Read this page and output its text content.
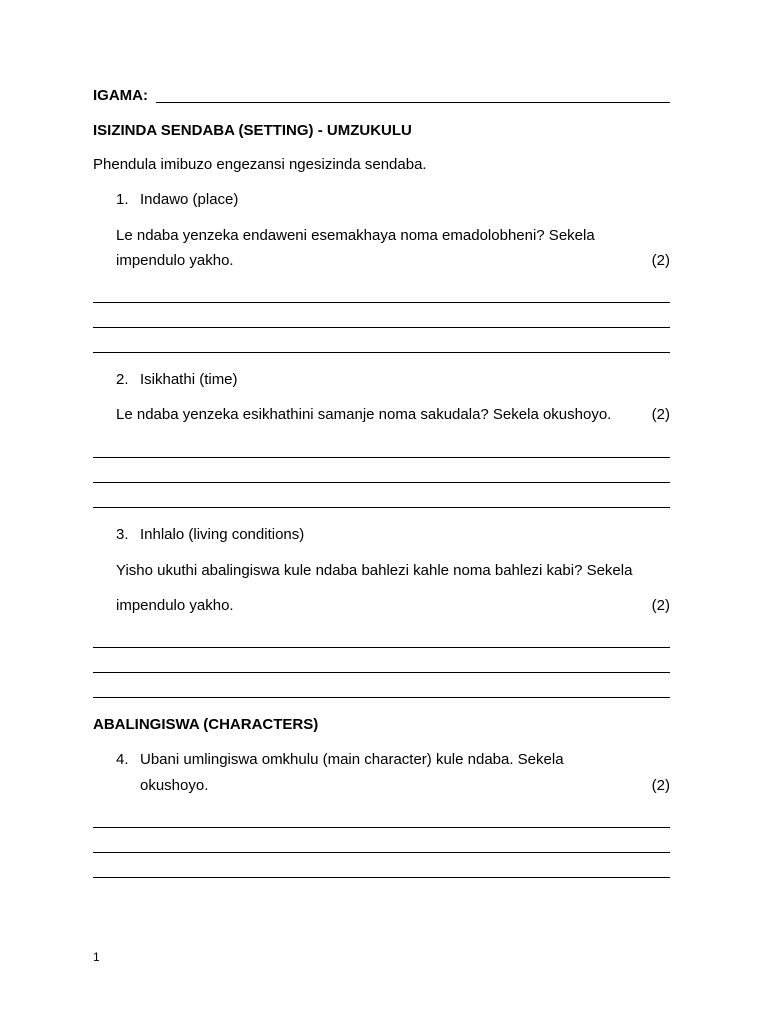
IGAMA:
ISIZINDA SENDABA (SETTING) - UMZUKULU
Phendula imibuzo engezansi ngesizinda sendaba.
1. Indawo (place)
Le ndaba yenzeka endaweni esemakhaya noma emadolobheni? Sekela
impendulo yakho.	(2)
2. Isikhathi (time)
Le ndaba yenzeka esikhathini samanje noma sakudala? Sekela okushoyo.	(2)
3. Inhlalo (living conditions)
Yisho ukuthi abalingiswa kule ndaba bahlezi kahle noma bahlezi kabi? Sekela
impendulo yakho.	(2)
ABALINGISWA (CHARACTERS)
4. Ubani umlingiswa omkhulu (main character) kule ndaba. Sekela
okushoyo.	(2)
1
